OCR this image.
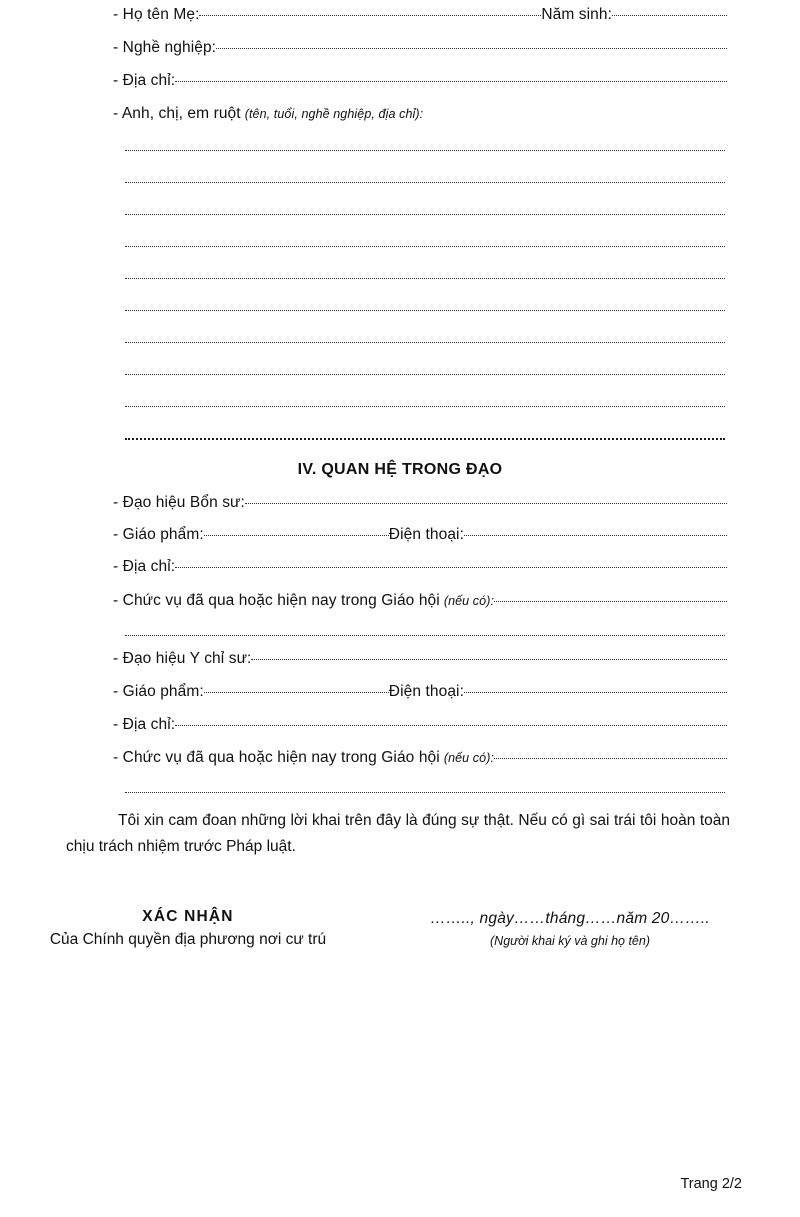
- Họ tên Mẹ:	Năm sinh:
- Nghề nghiệp:
- Địa chỉ:
- Anh, chị, em ruột (tên, tuổi, nghề nghiệp, địa chỉ):
IV. QUAN HỆ TRONG ĐẠO
- Đạo hiệu Bổn sư:
- Giáo phẩm:	Điện thoại:
- Địa chỉ:
- Chức vụ đã qua hoặc hiện nay trong Giáo hội (nếu có):
- Đạo hiệu Y chỉ sư:
- Giáo phẩm:	Điện thoại:
- Địa chỉ:
- Chức vụ đã qua hoặc hiện nay trong Giáo hội (nếu có):
Tôi xin cam đoan những lời khai trên đây là đúng sự thật. Nếu có gì sai trái tôi hoàn toàn chịu trách nhiệm trước Pháp luật.
XÁC NHẬN
Của Chính quyền địa phương nơi cư trú
…….., ngày……tháng……năm 20……..
(Người khai ký và ghi họ tên)
Trang 2/2
